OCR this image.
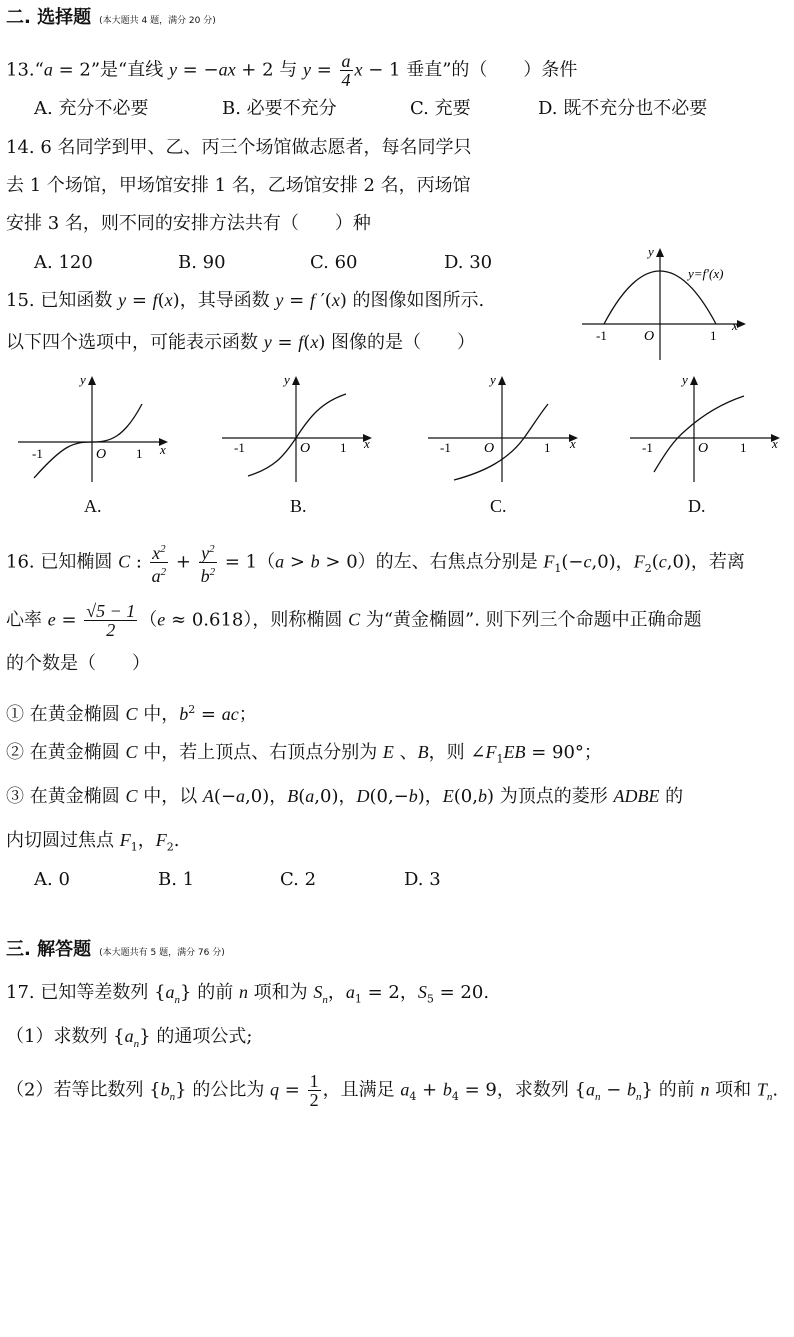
二. 选择题 (本大题共 4 题，满分 20 分)
13.“a = 2”是“直线 y = −ax + 2 与 $y = \frac{a}{4}$ x − 1 垂直”的（　　）条件
A. 充分不必要	B. 必要不充分	C. 充要	D. 既不充分也不必要
14. 6 名同学到甲、乙、丙三个场馆做志愿者，每名同学只
去 1 个场馆，甲场馆安排 1 名，乙场馆安排 2 名，丙场馆
安排 3 名，则不同的安排方法共有（　　）种
A. 120	B. 90	C. 60	D. 30
y
x
O
-1	1
y=f′(x)
15. 已知函数 y = f(x)，其导函数 y = f ′(x) 的图像如图所示.
以下四个选项中，可能表示函数 y = f(x) 图像的是（　　）
y
x
O
-1	1
y
x
O
-1	1
y
x
O
-1	1
y
x
O
-1	1
A.	B.	C.	D.
16. 已知椭圆 C : $\frac{x^2}{a^2} + \frac{y^2}{b^2} = 1(a > b > 0)$的左、右焦点分别是 $F_1(-c,0)$，$F_2(c,0)$，若离
心率 $e = \frac{√5 - 1}{2} (e \approx 0.618)$，则称椭圆 C 为“黄金椭圆”. 则下列三个命题中正确命题
的个数是（　　）
① 在黄金椭圆 C 中，$b^2$ = ac；
② 在黄金椭圆 C 中，若上顶点、右顶点分别为 E 、B，则 $\angle F_1EB = 90^\circ$；
③ 在黄金椭圆 C 中，以 A(−a,0)，B(a,0)，D(0,−b)，E(0,b) 为顶点的菱形 ADBE 的
内切圆过焦点 $F_1$，$F_2$.
A. 0	B. 1	C. 2	D. 3
三. 解答题 (本大题共有 5 题，满分 76 分)
17. 已知等差数列 $\{a_n\}$ 的前 n 项和为 $S_n$，$a_1 = 2$，$S_5 = 20$.
（1）求数列 $\{a_n\}$ 的通项公式;
（2）若等比数列 $\{b_n\}$ 的公比为 $q = \frac{1}{2}$ ，且满足 $a_4 + b_4 = 9$，求数列 $\{a_n - b_n\}$ 的前 n 项和 $T_n$.
